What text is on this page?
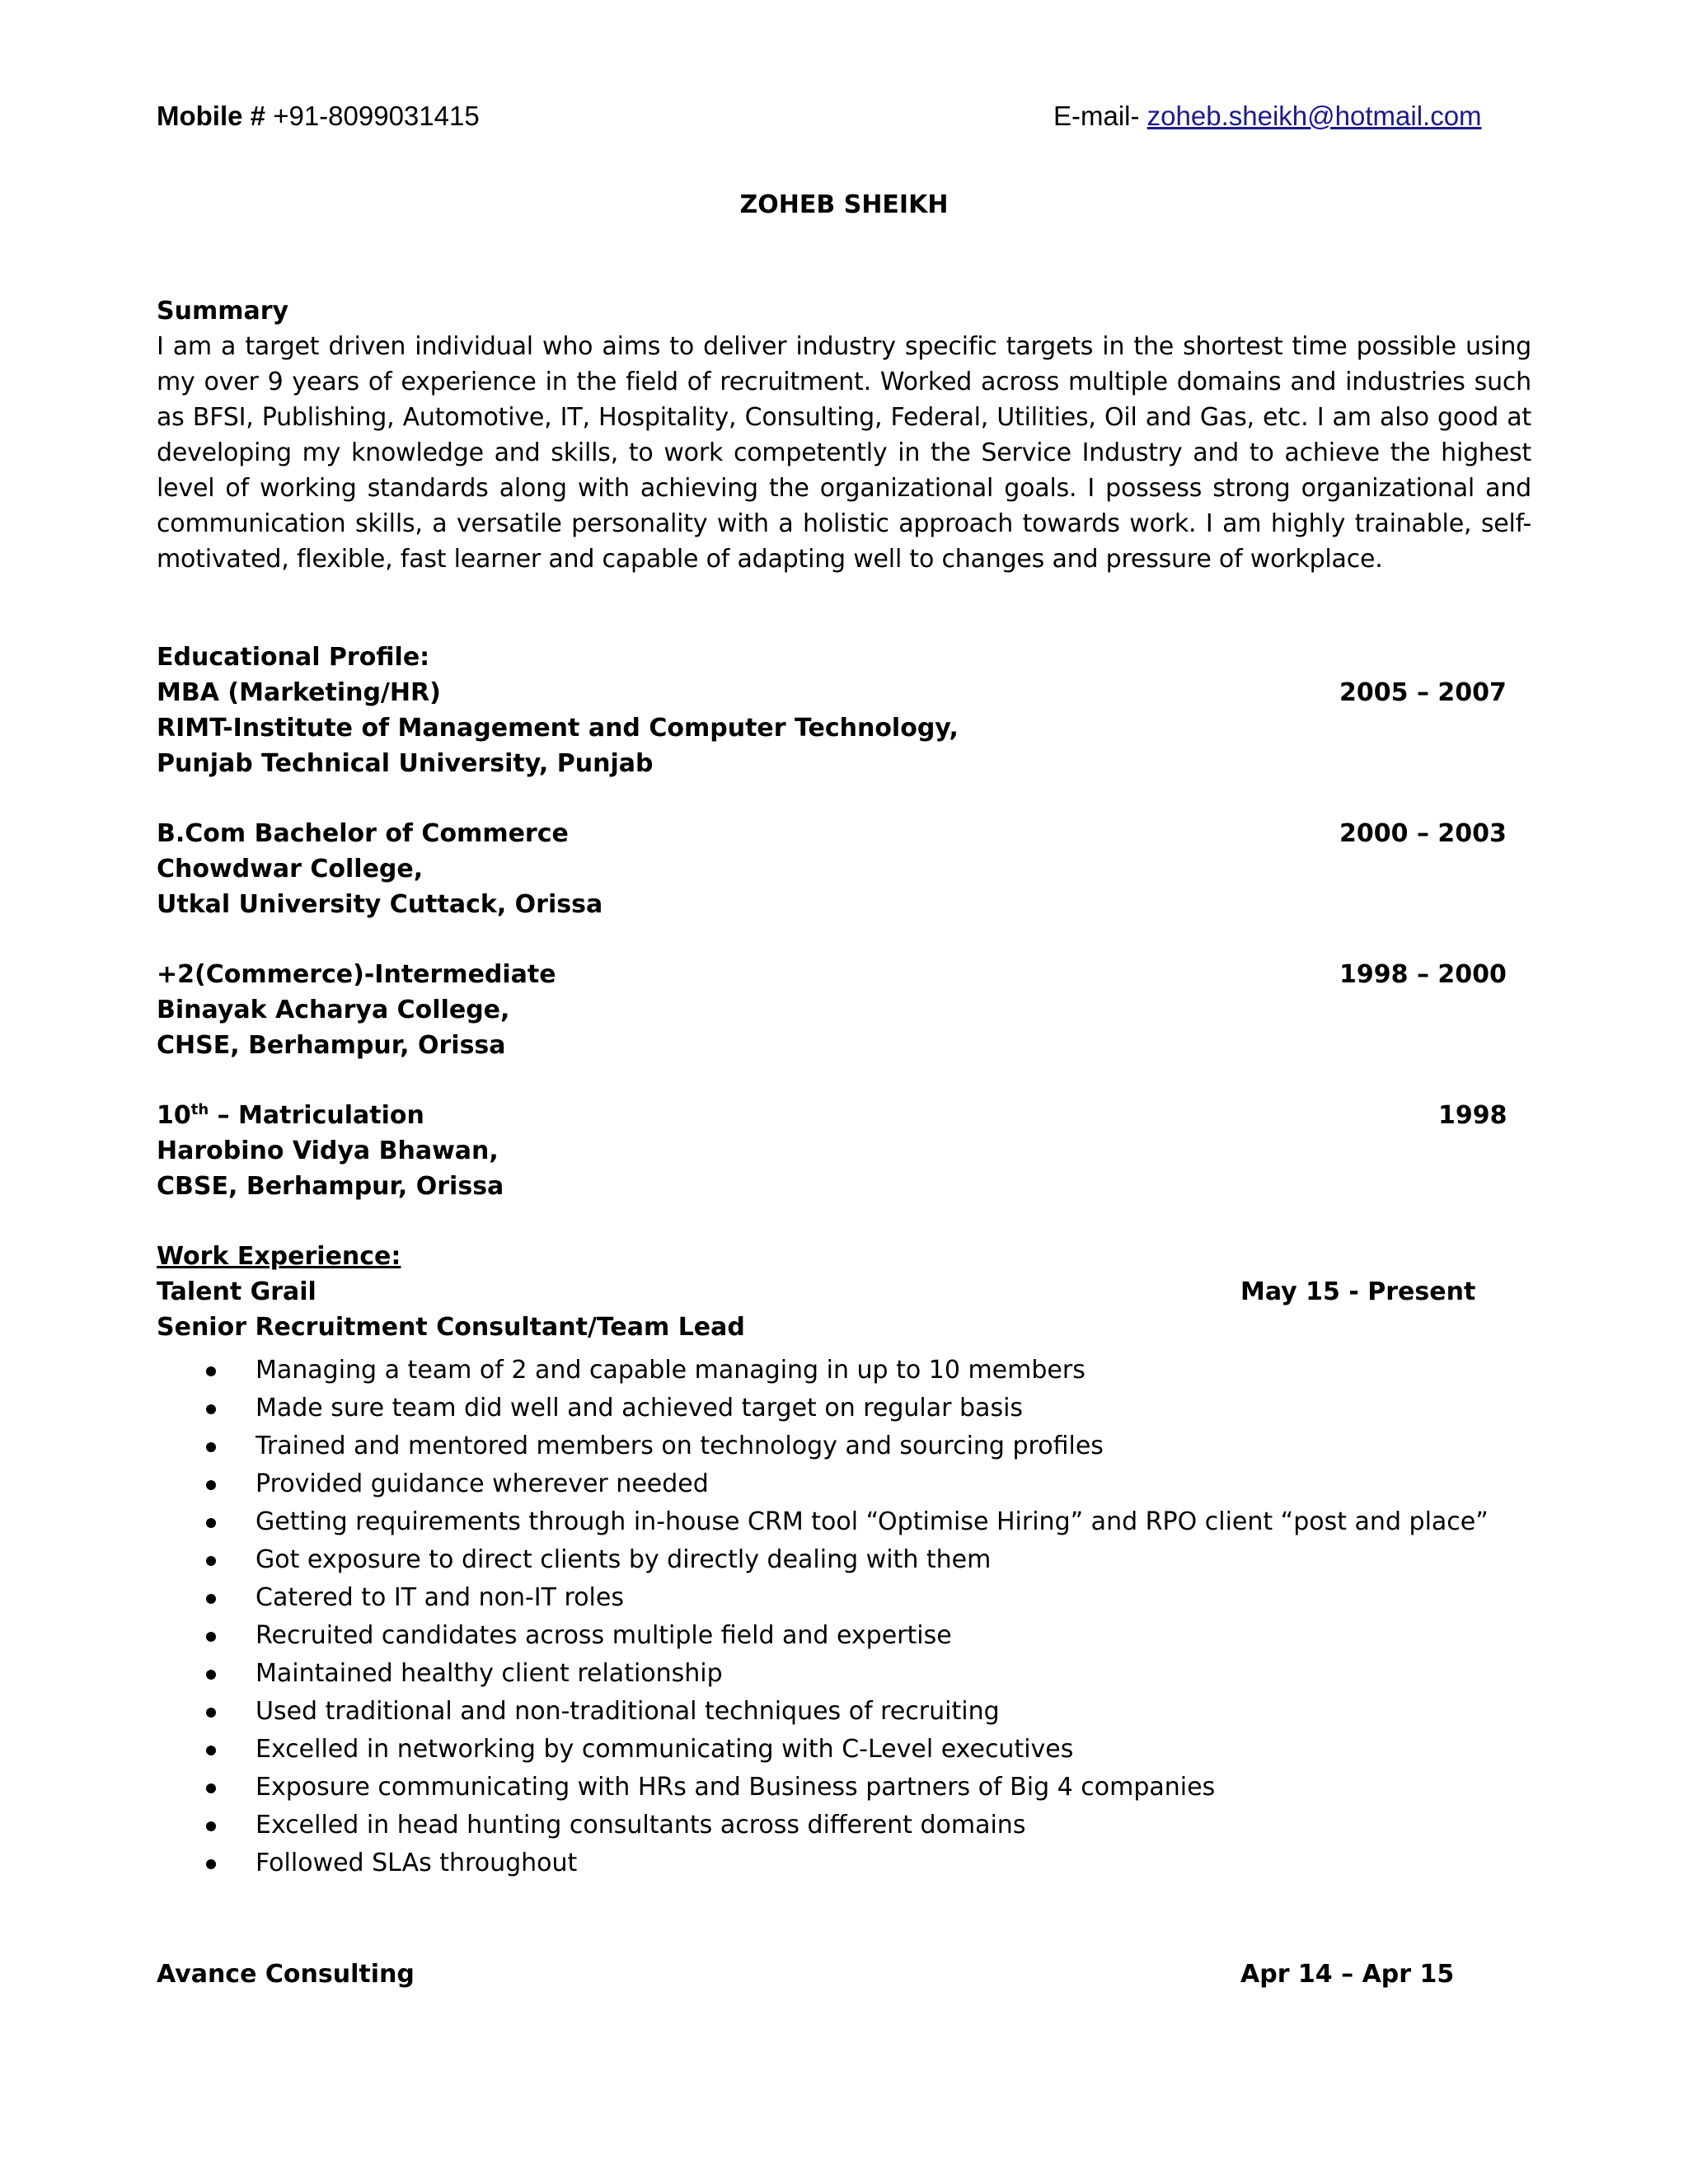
Mobile # +91-8099031415	E-mail- zoheb.sheikh@hotmail.com
ZOHEB SHEIKH
Summary
I am a target driven individual who aims to deliver industry specific targets in the shortest time possible using my over 9 years of experience in the field of recruitment. Worked across multiple domains and industries such as BFSI, Publishing, Automotive, IT, Hospitality, Consulting, Federal, Utilities, Oil and Gas, etc. I am also good at developing my knowledge and skills, to work competently in the Service Industry and to achieve the highest level of working standards along with achieving the organizational goals. I possess strong organizational and communication skills, a versatile personality with a holistic approach towards work. I am highly trainable, self-motivated, flexible, fast learner and capable of adapting well to changes and pressure of workplace.
Educational Profile:
MBA (Marketing/HR)	2005 – 2007
RIMT-Institute of Management and Computer Technology,
Punjab Technical University, Punjab
B.Com Bachelor of Commerce	2000 – 2003
Chowdwar College,
Utkal University Cuttack, Orissa
+2(Commerce)-Intermediate	1998 – 2000
Binayak Acharya College,
CHSE, Berhampur, Orissa
10th – Matriculation	1998
Harobino Vidya Bhawan,
CBSE, Berhampur, Orissa
Work Experience:
Talent Grail	May 15 - Present
Senior Recruitment Consultant/Team Lead
Managing a team of 2 and capable managing in up to 10 members
Made sure team did well and achieved target on regular basis
Trained and mentored members on technology and sourcing profiles
Provided guidance wherever needed
Getting requirements through in-house CRM tool “Optimise Hiring” and RPO client “post and place”
Got exposure to direct clients by directly dealing with them
Catered to IT and non-IT roles
Recruited candidates across multiple field and expertise
Maintained healthy client relationship
Used traditional and non-traditional techniques of recruiting
Excelled in networking by communicating with C-Level executives
Exposure communicating with HRs and Business partners of Big 4 companies
Excelled in head hunting consultants across different domains
Followed SLAs throughout
Avance Consulting	Apr 14 – Apr 15
